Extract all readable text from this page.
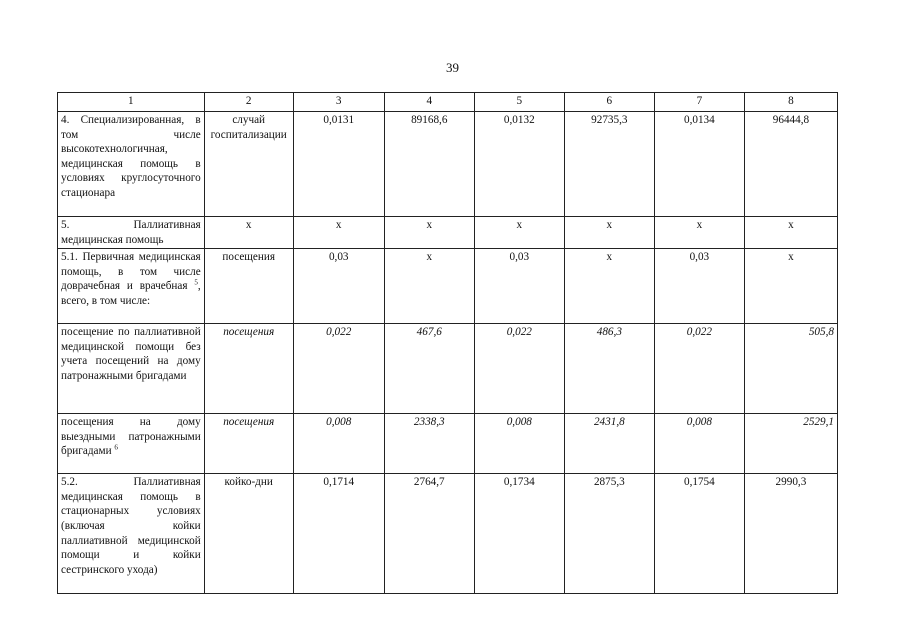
39
1	2	3	4	5	6	7	8
4. Специализированная, в том числе высокотехнологичная, медицинская помощь в условиях круглосуточного стационара	случай госпитализации	0,0131	89168,6	0,0132	92735,3	0,0134	96444,8
5. Паллиативная медицинская помощь	х	х	х	х	х	х	х
5.1. Первичная медицинская помощь, в том числе доврачебная и врачебная $^5$, всего, в том числе:	посещения	0,03	х	0,03	х	0,03	х
посещение по паллиативной медицинской помощи без учета посещений на дому патронажными бригадами	посещения	0,022	467,6	0,022	486,3	0,022	505,8
посещения на дому выездными патронажными бригадами $^6$	посещения	0,008	2338,3	0,008	2431,8	0,008	2529,1
5.2. Паллиативная медицинская помощь в стационарных условиях (включая койки паллиативной медицинской помощи и койки сестринского ухода)	койко-дни	0,1714	2764,7	0,1734	2875,3	0,1754	2990,3
